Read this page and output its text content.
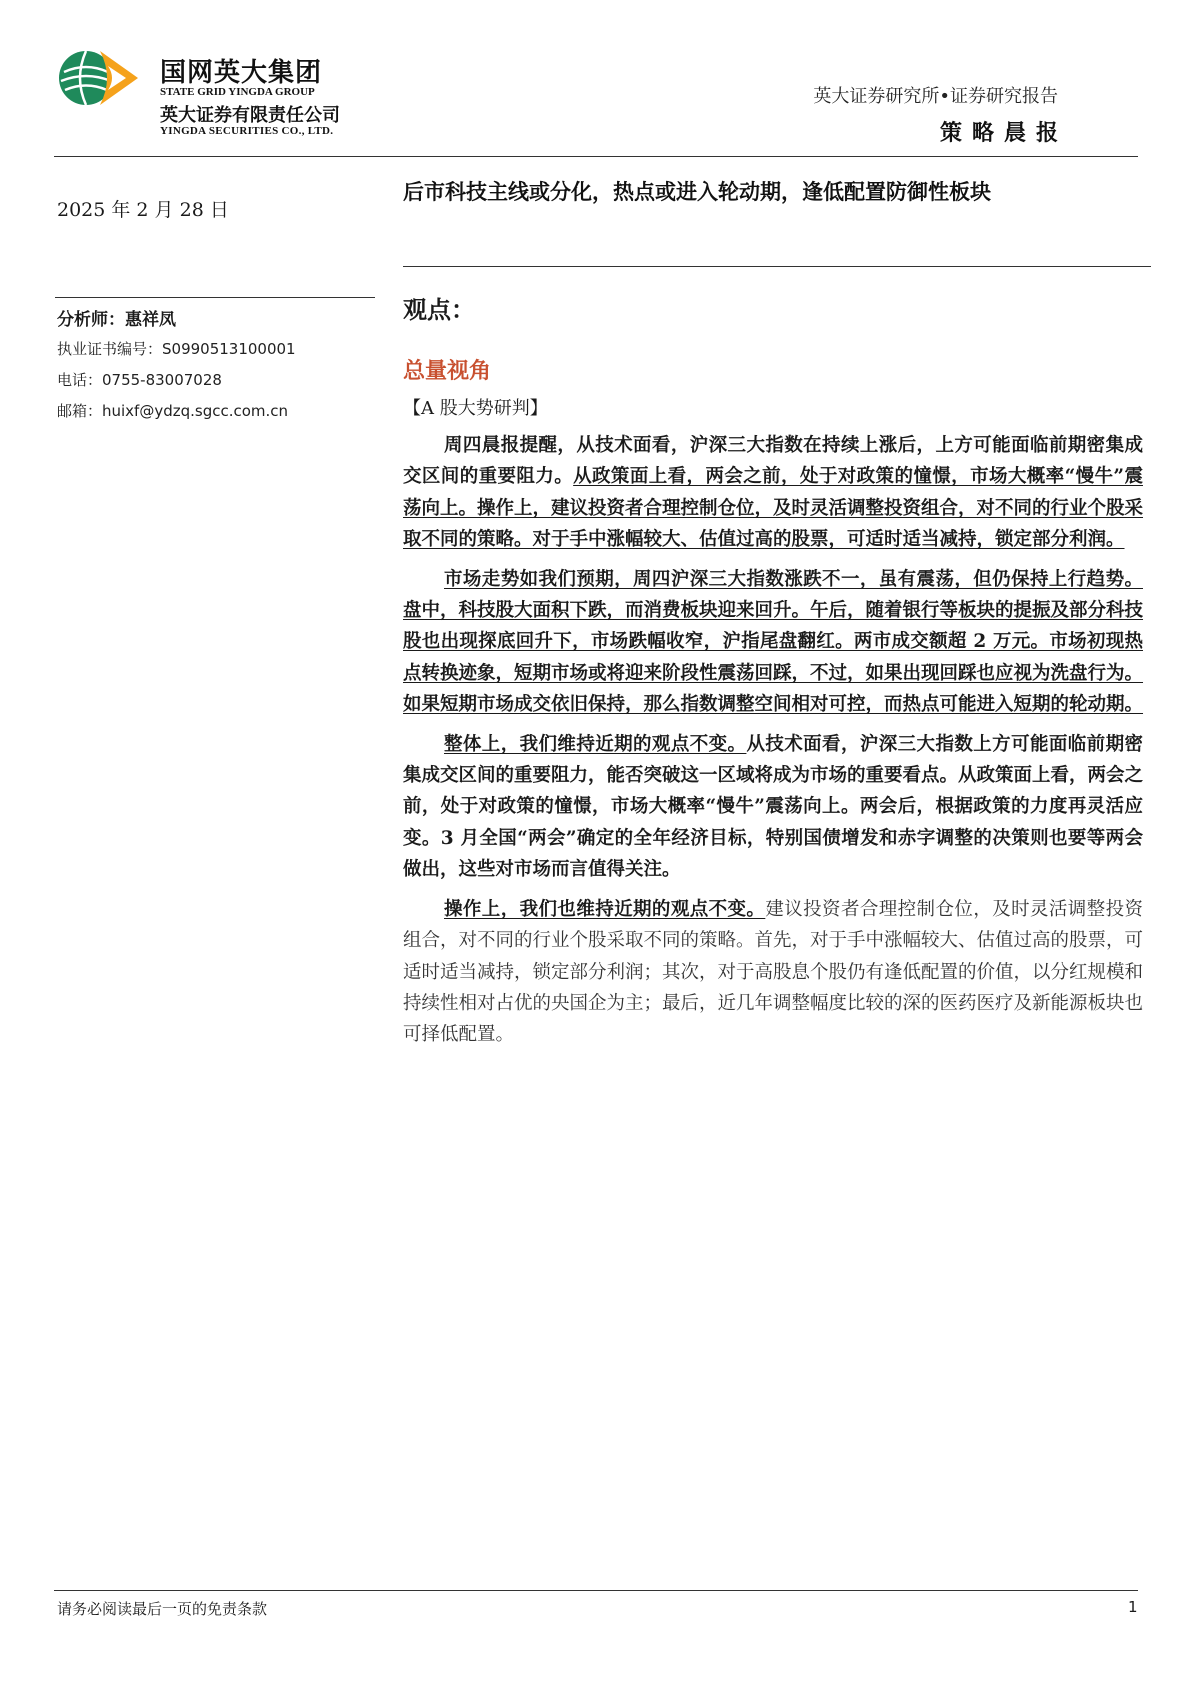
国网英大集团
STATE GRID YINGDA GROUP
英大证券有限责任公司
YINGDA SECURITIES CO., LTD.
英大证券研究所•证券研究报告
策略晨报
2025 年 2 月 28 日
分析师：惠祥凤
执业证书编号：S0990513100001
电话：0755-83007028
邮箱：huixf@ydzq.sgcc.com.cn
后市科技主线或分化，热点或进入轮动期，逢低配置防御性板块
观点：
总量视角
【A 股大势研判】

周四晨报提醒，从技术面看，沪深三大指数在持续上涨后，上方可能面临前期密集成交区间的重要阻力。从政策面上看，两会之前，处于对政策的憧憬，市场大概率“慢牛”震荡向上。操作上，建议投资者合理控制仓位，及时灵活调整投资组合，对不同的行业个股采取不同的策略。对于手中涨幅较大、估值过高的股票，可适时适当减持，锁定部分利润。

市场走势如我们预期，周四沪深三大指数涨跌不一，虽有震荡，但仍保持上行趋势。盘中，科技股大面积下跌，而消费板块迎来回升。午后，随着银行等板块的提振及部分科技股也出现探底回升下，市场跌幅收窄，沪指尾盘翻红。两市成交额超 2 万元。市场初现热点转换迹象，短期市场或将迎来阶段性震荡回踩，不过，如果出现回踩也应视为洗盘行为。如果短期市场成交依旧保持，那么指数调整空间相对可控，而热点可能进入短期的轮动期。

整体上，我们维持近期的观点不变。从技术面看，沪深三大指数上方可能面临前期密集成交区间的重要阻力，能否突破这一区域将成为市场的重要看点。从政策面上看，两会之前，处于对政策的憧憬，市场大概率“慢牛”震荡向上。两会后，根据政策的力度再灵活应变。3 月全国“两会”确定的全年经济目标，特别国债增发和赤字调整的决策则也要等两会做出，这些对市场而言值得关注。

操作上，我们也维持近期的观点不变。建议投资者合理控制仓位，及时灵活调整投资组合，对不同的行业个股采取不同的策略。首先，对于手中涨幅较大、估值过高的股票，可适时适当减持，锁定部分利润；其次，对于高股息个股仍有逢低配置的价值，以分红规模和持续性相对占优的央国企为主；最后，近几年调整幅度比较的深的医药医疗及新能源板块也可择低配置。

请务必阅读最后一页的免责条款	1
